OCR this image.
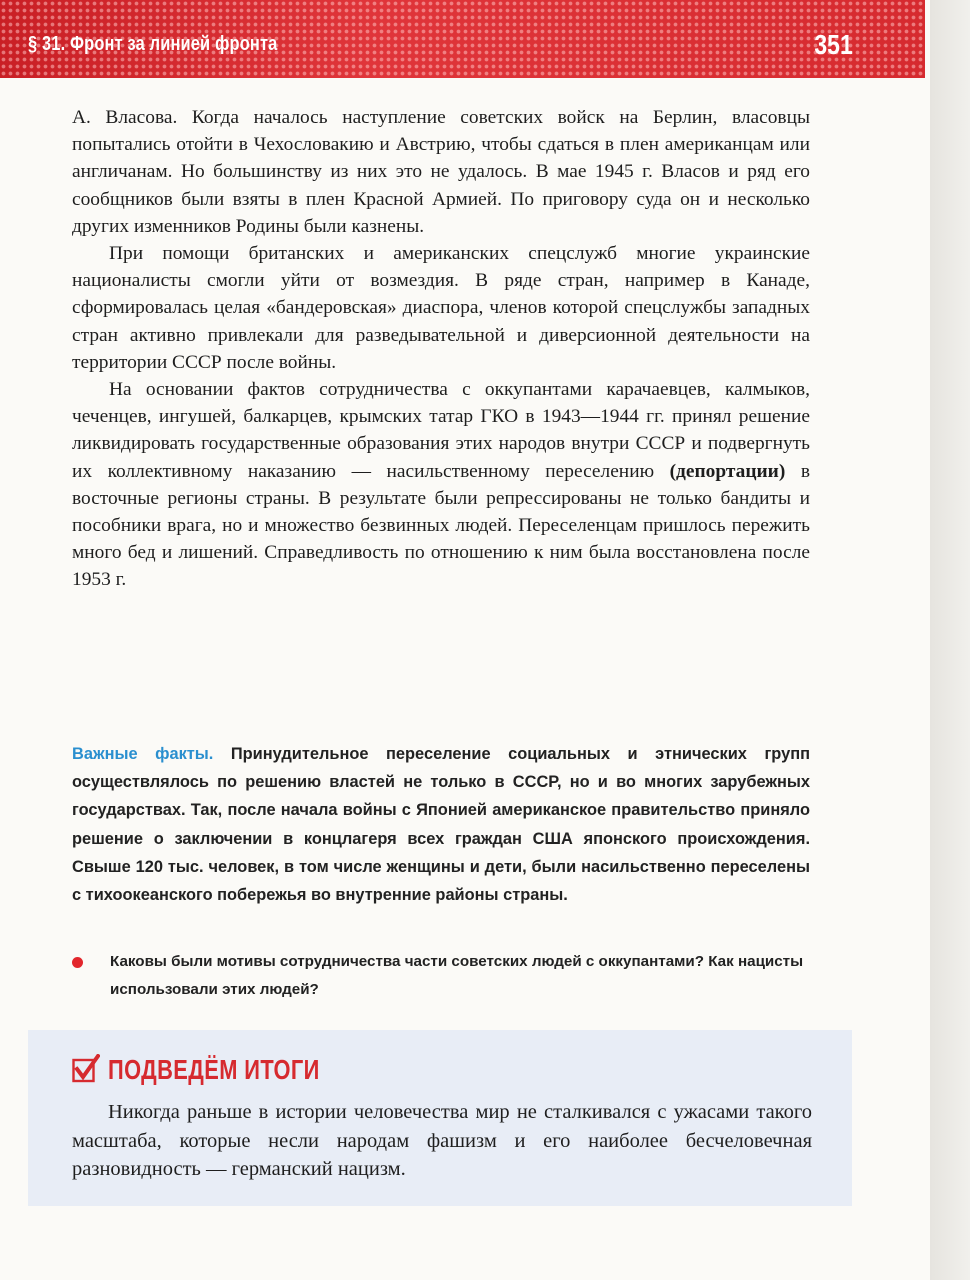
§ 31. Фронт за линией фронта	351

А. Власова. Когда началось наступление советских войск на Берлин, власовцы попытались отойти в Чехословакию и Австрию, чтобы сдаться в плен американцам или англичанам. Но большинству из них это не удалось. В мае 1945 г. Власов и ряд его сообщников были взяты в плен Красной Армией. По приговору суда он и несколько других изменников Родины были казнены.

При помощи британских и американских спецслужб многие украинские националисты смогли уйти от возмездия. В ряде стран, например в Канаде, сформировалась целая «бандеровская» диаспора, членов которой спецслужбы западных стран активно привлекали для разведывательной и диверсионной деятельности на территории СССР после войны.

На основании фактов сотрудничества с оккупантами карачаевцев, калмыков, чеченцев, ингушей, балкарцев, крымских татар ГКО в 1943—1944 гг. принял решение ликвидировать государственные образования этих народов внутри СССР и подвергнуть их коллективному наказанию — насильственному переселению (депортации) в восточные регионы страны. В результате были репрессированы не только бандиты и пособники врага, но и множество безвинных людей. Переселенцам пришлось пережить много бед и лишений. Справедливость по отношению к ним была восстановлена после 1953 г.

Важные факты. Принудительное переселение социальных и этнических групп осуществлялось по решению властей не только в СССР, но и во многих зарубежных государствах. Так, после начала войны с Японией американское правительство приняло решение о заключении в концлагеря всех граждан США японского происхождения. Свыше 120 тыс. человек, в том числе женщины и дети, были насильственно переселены с тихоокеанского побережья во внутренние районы страны.
Каковы были мотивы сотрудничества части советских людей с оккупантами? Как нацисты использовали этих людей?
ПОДВЕДЁМ ИТОГИ
Никогда раньше в истории человечества мир не сталкивался с ужасами такого масштаба, которые несли народам фашизм и его наиболее бесчеловечная разновидность — германский нацизм.
